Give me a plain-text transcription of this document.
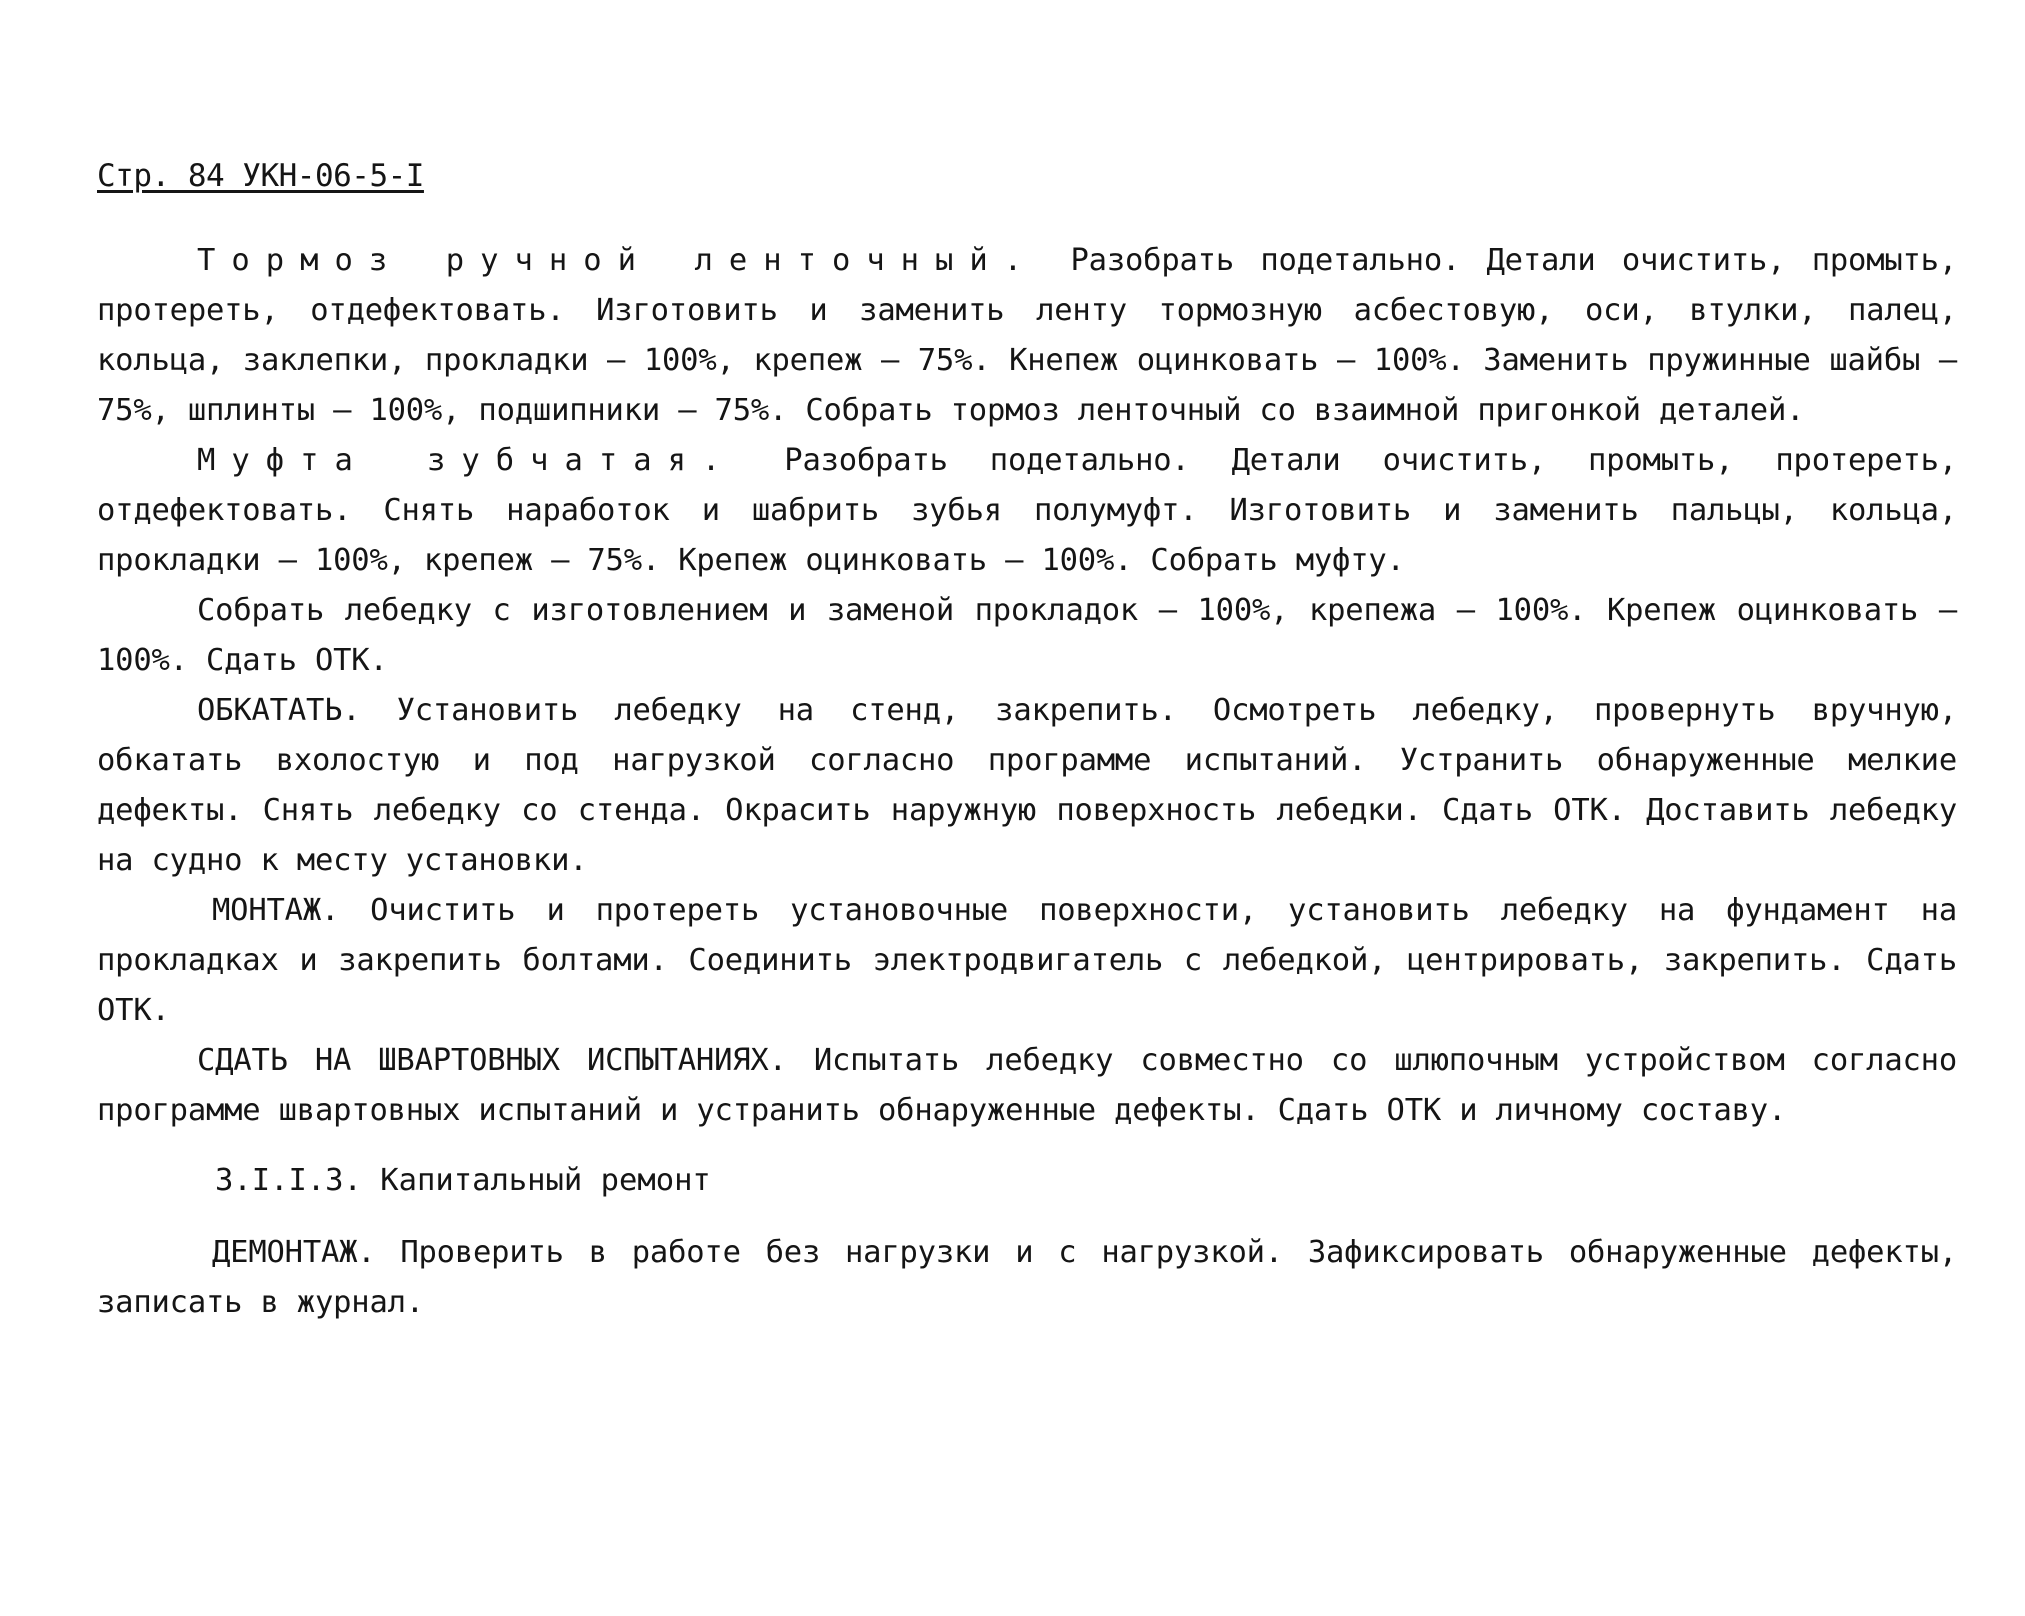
Стр. 84 УКН-06-5-I

Тормоз ручной ленточный. Разобрать подетально. Детали очистить, промыть, протереть, отдефектовать. Изготовить и заменить ленту тормозную асбестовую, оси, втулки, палец, кольца, заклепки, прокладки – 100%, крепеж – 75%. Кнепеж оцинковать – 100%. Заменить пружинные шайбы – 75%, шплинты – 100%, подшипники – 75%. Собрать тормоз ленточный со взаимной пригонкой деталей.

Муфта зубчатая. Разобрать подетально. Детали очистить, промыть, протереть, отдефектовать. Снять наработок и шабрить зубья полумуфт. Изготовить и заменить пальцы, кольца, прокладки – 100%, крепеж – 75%. Крепеж оцинковать – 100%. Собрать муфту.

Собрать лебедку с изготовлением и заменой прокладок – 100%, крепежа – 100%. Крепеж оцинковать – 100%. Сдать ОТК.

ОБКАТАТЬ. Установить лебедку на стенд, закрепить. Осмотреть лебедку, провернуть вручную, обкатать вхолостую и под нагрузкой согласно программе испытаний. Устранить обнаруженные мелкие дефекты. Снять лебедку со стенда. Окрасить наружную поверхность лебедки. Сдать ОТК. Доставить лебедку на судно к месту установки.

МОНТАЖ. Очистить и протереть установочные поверхности, установить лебедку на фундамент на прокладках и закрепить болтами. Соединить электродвигатель с лебедкой, центрировать, закрепить. Сдать ОТК.

СДАТЬ НА ШВАРТОВНЫХ ИСПЫТАНИЯХ. Испытать лебедку совместно со шлюпочным устройством согласно программе швартовных испытаний и устранить обнаруженные дефекты. Сдать ОТК и личному составу.

3.I.I.3. Капитальный ремонт

ДЕМОНТАЖ. Проверить в работе без нагрузки и с нагрузкой. Зафиксировать обнаруженные дефекты, записать в журнал.
